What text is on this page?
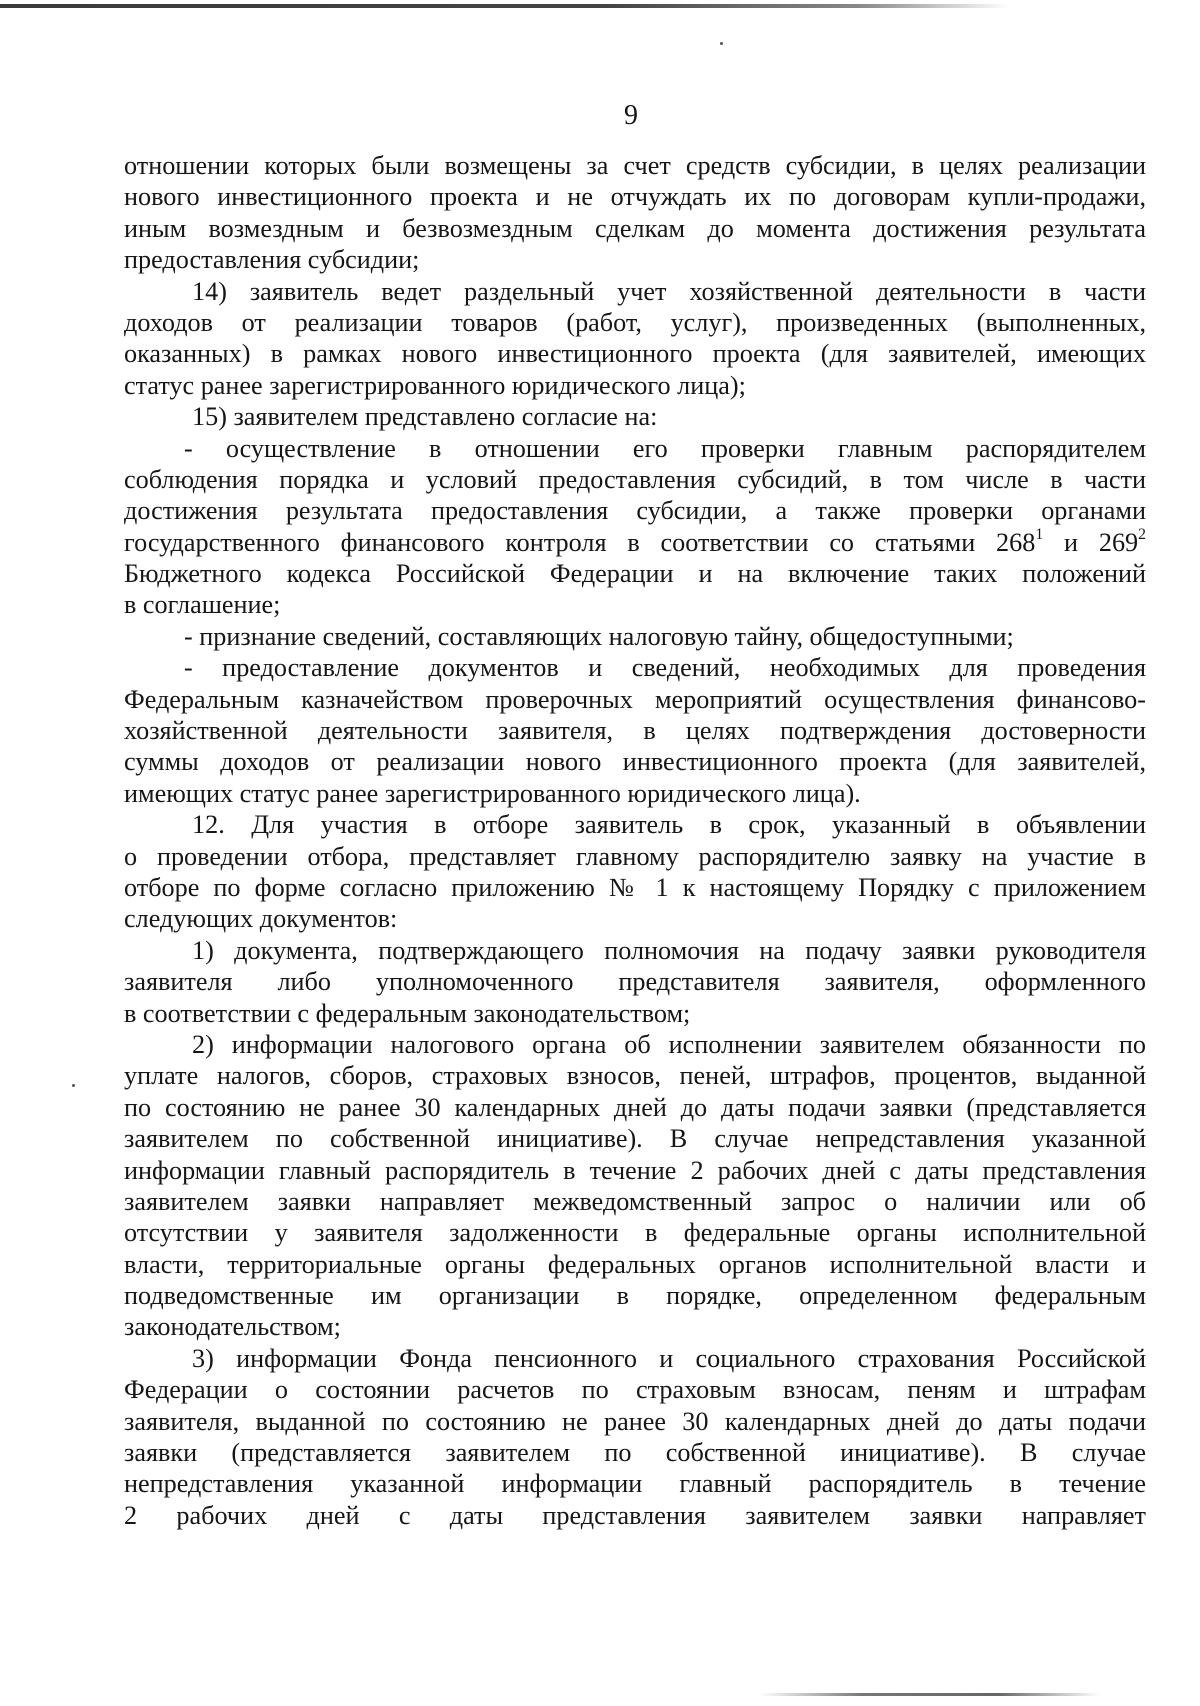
9
отношении которых были возмещены за счет средств субсидии, в целях реализации
нового инвестиционного проекта и не отчуждать их по договорам купли-продажи,
иным возмездным и безвозмездным сделкам до момента достижения результата
предоставления субсидии;
14) заявитель ведет раздельный учет хозяйственной деятельности в части
доходов от реализации товаров (работ, услуг), произведенных (выполненных,
оказанных) в рамках нового инвестиционного проекта (для заявителей, имеющих
статус ранее зарегистрированного юридического лица);
15) заявителем представлено согласие на:
- осуществление в отношении его проверки главным распорядителем
соблюдения порядка и условий предоставления субсидий, в том числе в части
достижения результата предоставления субсидии, а также проверки органами
государственного финансового контроля в соответствии со статьями $268^1$ и $269^2$
Бюджетного кодекса Российской Федерации и на включение таких положений
в соглашение;
- признание сведений, составляющих налоговую тайну, общедоступными;
- предоставление документов и сведений, необходимых для проведения
Федеральным казначейством проверочных мероприятий осуществления финансово-
хозяйственной деятельности заявителя, в целях подтверждения достоверности
суммы доходов от реализации нового инвестиционного проекта (для заявителей,
имеющих статус ранее зарегистрированного юридического лица).
12. Для участия в отборе заявитель в срок, указанный в объявлении
о проведении отбора, представляет главному распорядителю заявку на участие в
отборе по форме согласно приложению № 1 к настоящему Порядку с приложением
следующих документов:
1) документа, подтверждающего полномочия на подачу заявки руководителя
заявителя либо уполномоченного представителя заявителя, оформленного
в соответствии с федеральным законодательством;
2) информации налогового органа об исполнении заявителем обязанности по
уплате налогов, сборов, страховых взносов, пеней, штрафов, процентов, выданной
по состоянию не ранее 30 календарных дней до даты подачи заявки (представляется
заявителем по собственной инициативе). В случае непредставления указанной
информации главный распорядитель в течение 2 рабочих дней с даты представления
заявителем заявки направляет межведомственный запрос о наличии или об
отсутствии у заявителя задолженности в федеральные органы исполнительной
власти, территориальные органы федеральных органов исполнительной власти и
подведомственные им организации в порядке, определенном федеральным
законодательством;
3) информации Фонда пенсионного и социального страхования Российской
Федерации о состоянии расчетов по страховым взносам, пеням и штрафам
заявителя, выданной по состоянию не ранее 30 календарных дней до даты подачи
заявки (представляется заявителем по собственной инициативе). В случае
непредставления указанной информации главный распорядитель в течение
2 рабочих дней с даты представления заявителем заявки направляет
